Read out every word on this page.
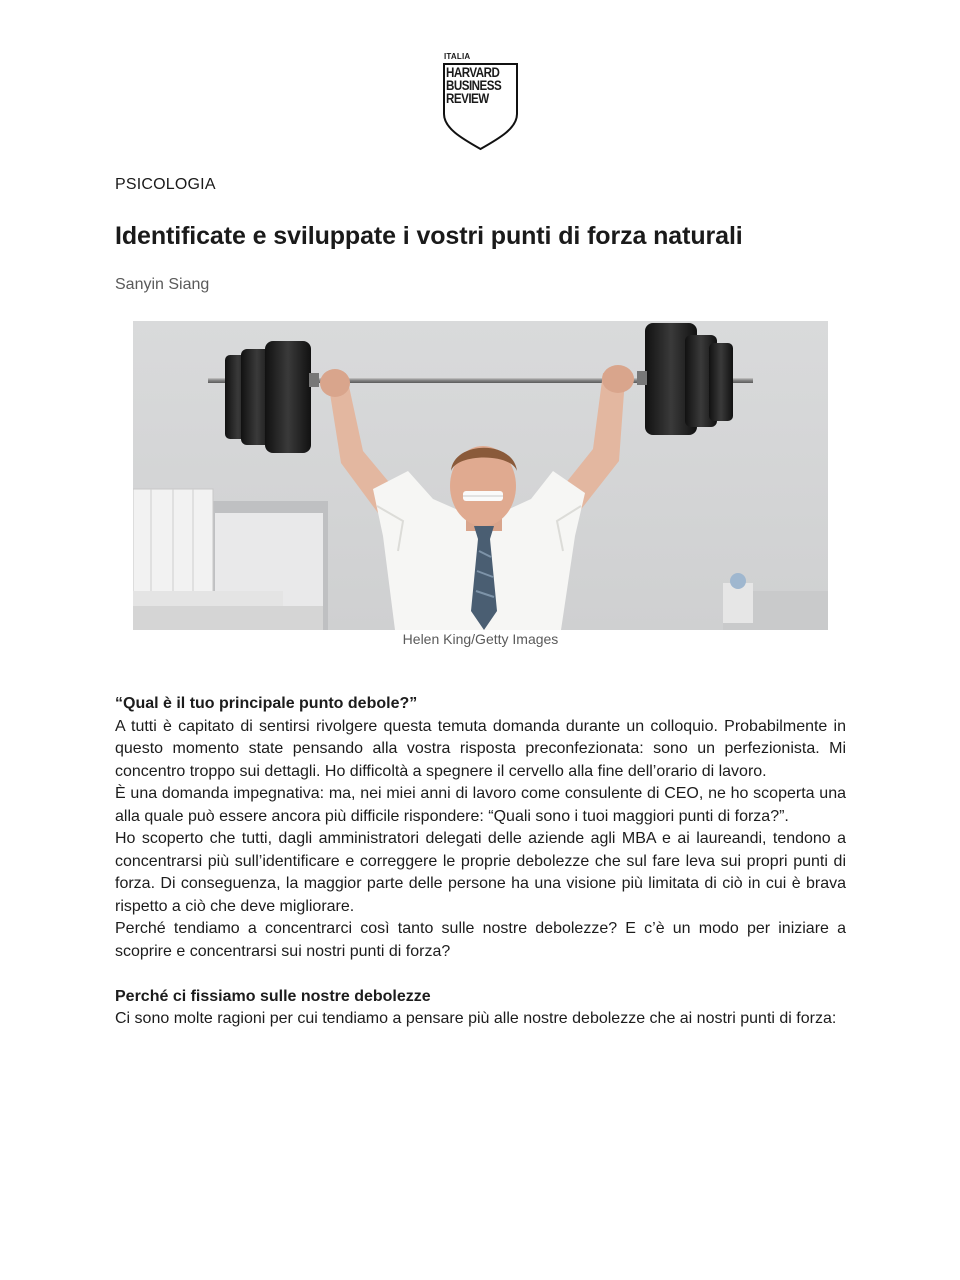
ITALIA
HARVARD
BUSINESS
REVIEW
PSICOLOGIA
Identificate e sviluppate i vostri punti di forza naturali
Sanyin Siang
Helen King/Getty Images

“Qual è il tuo principale punto debole?”

A tutti è capitato di sentirsi rivolgere questa temuta domanda durante un colloquio. Probabilmente in questo momento state pensando alla vostra risposta preconfezionata: sono un perfezionista. Mi concentro troppo sui dettagli. Ho difficoltà a spegnere il cervello alla fine dell’orario di lavoro.

È una domanda impegnativa: ma, nei miei anni di lavoro come consulente di CEO, ne ho scoperta una alla quale può essere ancora più difficile rispondere: “Quali sono i tuoi maggiori punti di forza?”.

Ho scoperto che tutti, dagli amministratori delegati delle aziende agli MBA e ai laureandi, tendono a concentrarsi più sull’identificare e correggere le proprie debolezze che sul fare leva sui propri punti di forza. Di conseguenza, la maggior parte delle persone ha una visione più limitata di ciò in cui è brava rispetto a ciò che deve migliorare.

Perché tendiamo a concentrarci così tanto sulle nostre debolezze? E c’è un modo per iniziare a scoprire e concentrarsi sui nostri punti di forza?

Perché ci fissiamo sulle nostre debolezze

Ci sono molte ragioni per cui tendiamo a pensare più alle nostre debolezze che ai nostri punti di forza:
